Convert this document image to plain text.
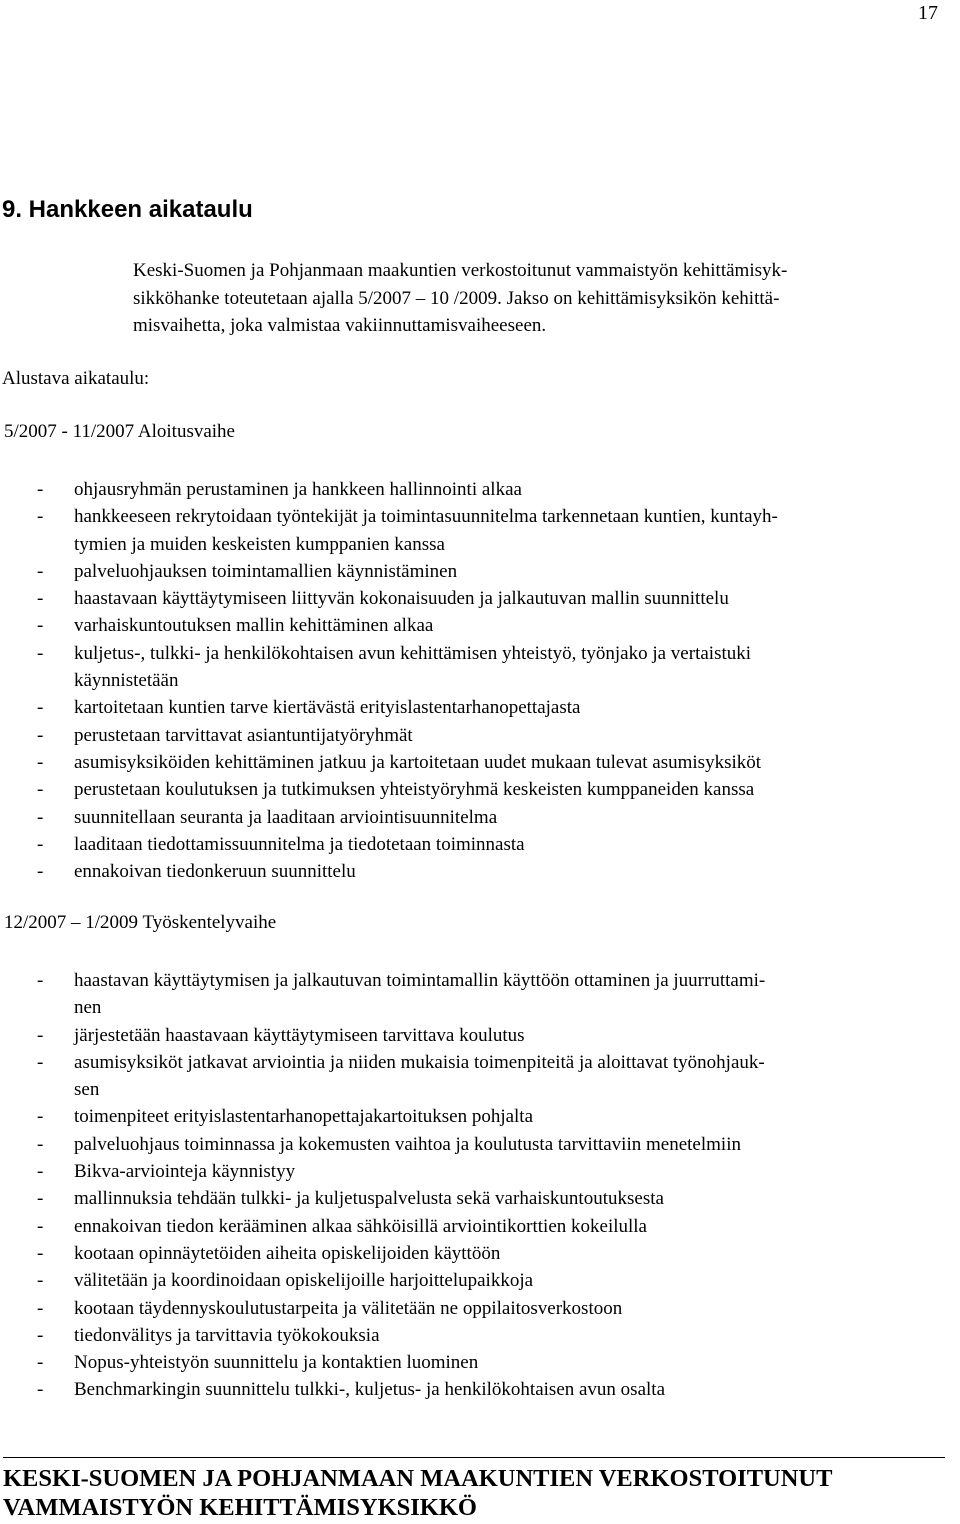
17
9. Hankkeen aikataulu

Keski-Suomen ja Pohjanmaan maakuntien verkostoitunut vammaistyön kehittämisyk-
sikköhanke toteutetaan ajalla 5/2007 – 10 /2009. Jakso on kehittämisyksikön kehittä-
misvaihetta, joka valmistaa vakiinnuttamisvaiheeseen.

Alustava aikataulu:

5/2007 - 11/2007 Aloitusvaihe

- ohjausryhmän perustaminen ja hankkeen hallinnointi alkaa
- hankkeeseen rekrytoidaan työntekijät ja toimintasuunnitelma tarkennetaan kuntien, kuntayh-
tymien ja muiden keskeisten kumppanien kanssa
- palveluohjauksen toimintamallien käynnistäminen
- haastavaan käyttäytymiseen liittyvän kokonaisuuden ja jalkautuvan mallin suunnittelu
- varhaiskuntoutuksen mallin kehittäminen alkaa
- kuljetus-, tulkki- ja henkilökohtaisen avun kehittämisen yhteistyö, työnjako ja vertaistuki
käynnistetään
- kartoitetaan kuntien tarve kiertävästä erityislastentarhanopettajasta
- perustetaan tarvittavat asiantuntijatyöryhmät
- asumisyksiköiden kehittäminen jatkuu ja kartoitetaan uudet mukaan tulevat asumisyksiköt
- perustetaan koulutuksen ja tutkimuksen yhteistyöryhmä keskeisten kumppaneiden kanssa
- suunnitellaan seuranta ja laaditaan arviointisuunnitelma
- laaditaan tiedottamissuunnitelma ja tiedotetaan toiminnasta
- ennakoivan tiedonkeruun suunnittelu

12/2007 – 1/2009 Työskentelyvaihe

- haastavan käyttäytymisen ja jalkautuvan toimintamallin käyttöön ottaminen ja juurruttami-
nen
- järjestetään haastavaan käyttäytymiseen tarvittava koulutus
- asumisyksiköt jatkavat arviointia ja niiden mukaisia toimenpiteitä ja aloittavat työnohjauk-
sen
- toimenpiteet erityislastentarhanopettajakartoituksen pohjalta
- palveluohjaus toiminnassa ja kokemusten vaihtoa ja koulutusta tarvittaviin menetelmiin
- Bikva-arviointeja käynnistyy
- mallinnuksia tehdään tulkki- ja kuljetuspalvelusta sekä varhaiskuntoutuksesta
- ennakoivan tiedon kerääminen alkaa sähköisillä arviointikorttien kokeilulla
- kootaan opinnäytetöiden aiheita opiskelijoiden käyttöön
- välitetään ja koordinoidaan opiskelijoille harjoittelupaikkoja
- kootaan täydennyskoulutustarpeita ja välitetään ne oppilaitosverkostoon
- tiedonvälitys ja tarvittavia työkokouksia
- Nopus-yhteistyön suunnittelu ja kontaktien luominen
- Benchmarkingin suunnittelu tulkki-, kuljetus- ja henkilökohtaisen avun osalta

KESKI-SUOMEN JA POHJANMAAN MAAKUNTIEN VERKOSTOITUNUT
VAMMAISTYÖN KEHITTÄMISYKSIKKÖ
